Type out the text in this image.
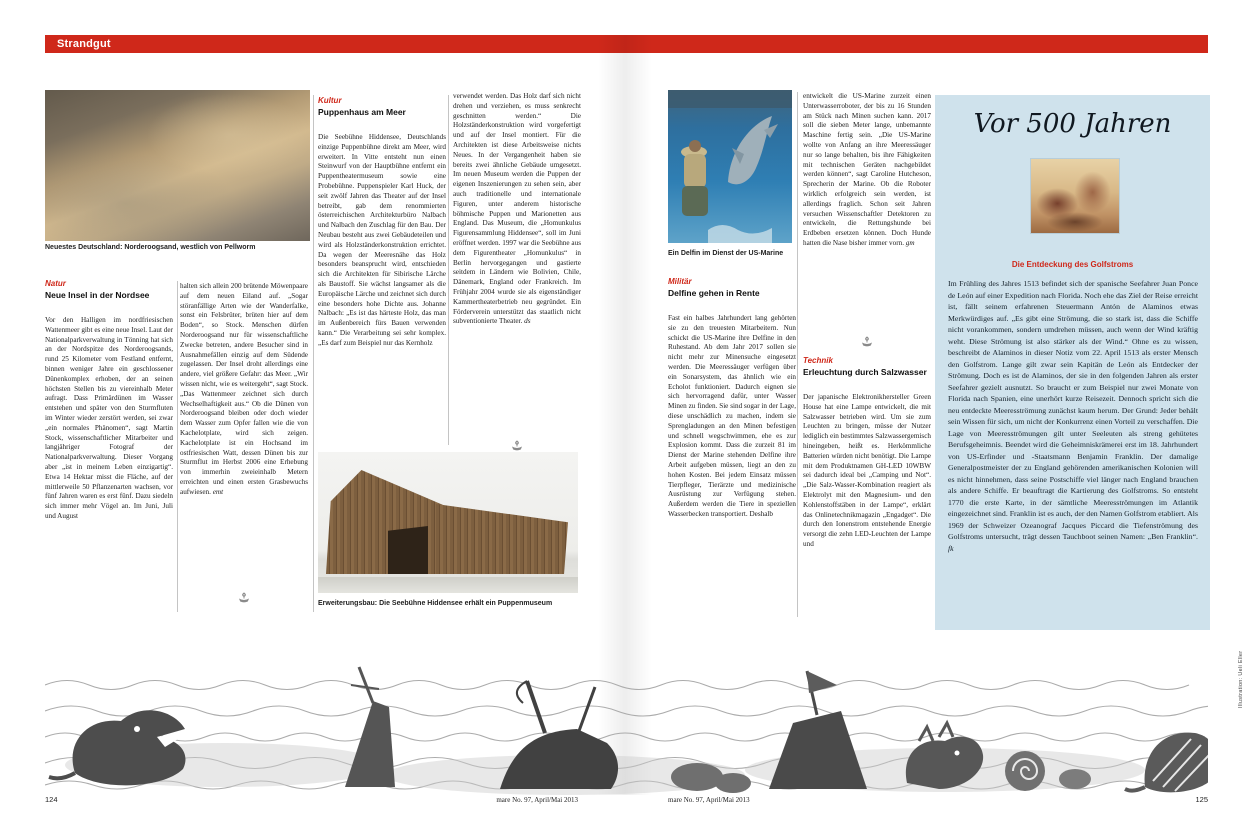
Strandgut
Neuestes Deutschland: Norderoogsand, westlich von Pellworm
Natur
Neue Insel in der Nordsee
Vor den Halligen im nordfriesischen Wattenmeer gibt es eine neue Insel. Laut der Nationalparkverwaltung in Tönning hat sich an der Nordspitze des Norderoogsands, rund 25 Kilometer vom Festland entfernt, binnen weniger Jahre ein geschlossener Dünenkomplex erhoben, der an seinen höchsten Stellen bis zu viereinhalb Meter aufragt. Dass Primärdünen im Wasser entstehen und später von den Sturmfluten im Winter wieder zerstört werden, sei zwar „ein normales Phänomen“, sagt Martin Stock, wissenschaftlicher Mitarbeiter und langjähriger Fotograf der Nationalparkverwaltung. Dieser Vorgang aber „ist in meinem Leben einzigartig“. Etwa 14 Hektar misst die Fläche, auf der mittlerweile 50 Pflanzenarten wachsen, vor fünf Jahren waren es erst fünf. Dazu siedeln sich immer mehr Vögel an. Im Juni, Juli und August

halten sich allein 200 brütende Möwenpaare auf dem neuen Eiland auf. „Sogar störanfällige Arten wie der Wanderfalke, sonst ein Felsbrüter, brüten hier auf dem Boden“, so Stock. Menschen dürfen Norderoogsand nur für wissenschaftliche Zwecke betreten, andere Besucher sind in Ausnahmefällen einzig auf dem Südende zugelassen. Der Insel droht allerdings eine andere, viel größere Gefahr: das Meer. „Wir wissen nicht, wie es weitergeht“, sagt Stock. „Das Wattenmeer zeichnet sich durch Wechselhaftigkeit aus.“ Ob die Dünen von Norderoogsand bleiben oder doch wieder dem Wasser zum Opfer fallen wie die von Kachelotplate, wird sich zeigen. Kachelotplate ist ein Hochsand im ostfriesischen Watt, dessen Dünen bis zur Sturmflut im Herbst 2006 eine Erhebung von immerhin zweieinhalb Metern erreichten und einen ersten Grasbewuchs aufwiesen. emt

Kultur
Puppenhaus am Meer
Die Seebühne Hiddensee, Deutschlands einzige Puppenbühne direkt am Meer, wird erweitert. In Vitte entsteht nun einen Steinwurf von der Hauptbühne entfernt ein Puppentheatermuseum sowie eine Probebühne. Puppenspieler Karl Huck, der seit zwölf Jahren das Theater auf der Insel betreibt, gab dem renommierten österreichischen Architekturbüro Nalbach und Nalbach den Zuschlag für den Bau. Der Neubau besteht aus zwei Gebäudeteilen und wird als Holzständerkonstruktion errichtet. Da wegen der Meeresnähe das Holz besonders beansprucht wird, entschieden sich die Architekten für Sibirische Lärche als Baustoff. Sie wächst langsamer als die Europäische Lärche und zeichnet sich durch eine besonders hohe Dichte aus. Johanne Nalbach: „Es ist das härteste Holz, das man im Außenbereich fürs Bauen verwenden kann.“ Die Verarbeitung sei sehr komplex. „Es darf zum Beispiel nur das Kernholz

verwendet werden. Das Holz darf sich nicht drehen und verziehen, es muss senkrecht geschnitten werden.“ Die Holzständerkonstruktion wird vorgefertigt und auf der Insel montiert. Für die Architekten ist diese Arbeitsweise nichts Neues. In der Vergangenheit haben sie bereits zwei ähnliche Gebäude umgesetzt. Im neuen Museum werden die Puppen der eigenen Inszenierungen zu sehen sein, aber auch traditionelle und internationale Figuren, unter anderem historische böhmische Puppen und Marionetten aus England. Das Museum, die „Homunkulus Figurensammlung Hiddensee“, soll im Juni eröffnet werden. 1997 war die Seebühne aus dem Figurentheater „Homunkulus“ in Berlin hervorgegangen und gastierte seitdem in Ländern wie Bolivien, Chile, Dänemark, England oder Frankreich. Im Frühjahr 2004 wurde sie als eigenständiger Kammertheaterbetrieb neu gegründet. Ein Förderverein unterstützt das staatlich nicht subventionierte Theater. ds

Erweiterungsbau: Die Seebühne Hiddensee erhält ein Puppenmuseum
Ein Delfin im Dienst der US-Marine
Militär
Delfine gehen in Rente
Fast ein halbes Jahrhundert lang gehörten sie zu den treuesten Mitarbeitern. Nun schickt die US-Marine ihre Delfine in den Ruhestand. Ab dem Jahr 2017 sollen sie nicht mehr zur Minensuche eingesetzt werden. Die Meeressäuger verfügen über ein Sonarsystem, das ähnlich wie ein Echolot funktioniert. Dadurch eignen sie sich hervorragend dafür, unter Wasser Minen zu finden. Sie sind sogar in der Lage, diese unschädlich zu machen, indem sie Sprengladungen an den Minen befestigen und schnell wegschwimmen, ehe es zur Explosion kommt. Dass die zurzeit 81 im Dienst der Marine stehenden Delfine ihre Arbeit aufgeben müssen, liegt an den zu hohen Kosten. Bei jedem Einsatz müssen Tierpfleger, Tierärzte und medizinische Ausrüstung zur Verfügung stehen. Außerdem werden die Tiere in speziellen Wasserbecken transportiert. Deshalb

entwickelt die US-Marine zurzeit einen Unterwasserroboter, der bis zu 16 Stunden am Stück nach Minen suchen kann. 2017 soll die sieben Meter lange, unbemannte Maschine fertig sein. „Die US-Marine wollte von Anfang an ihre Meeressäuger nur so lange behalten, bis ihre Fähigkeiten mit technischen Geräten nachgebildet werden können“, sagt Caroline Hutcheson, Sprecherin der Marine. Ob die Roboter wirklich erfolgreich sein werden, ist allerdings fraglich. Schon seit Jahren versuchen Wissenschaftler Detektoren zu entwickeln, die Rettungshunde bei Erdbeben ersetzen können. Doch Hunde hatten die Nase bisher immer vorn. gm

Technik
Erleuchtung durch Salzwasser
Der japanische Elektronikhersteller Green House hat eine Lampe entwickelt, die mit Salzwasser betrieben wird. Um sie zum Leuchten zu bringen, müsse der Nutzer lediglich ein bestimmtes Salzwassergemisch hineingeben, heißt es. Herkömmliche Batterien würden nicht benötigt. Die Lampe mit dem Produktnamen GH-LED 10WBW sei dadurch ideal bei „Camping und Not“. „Die Salz-Wasser-Kombination reagiert als Elektrolyt mit den Magnesium- und den Kohlenstoffstäben in der Lampe“, erklärt das Onlinetechnikmagazin „Engadget“. Die durch den Ionenstrom entstehende Energie versorgt die zehn LED-Leuchten der Lampe und
Vor 500 Jahren
Die Entdeckung des Golfstroms

Im Frühling des Jahres 1513 befindet sich der spanische Seefahrer Juan Ponce de León auf einer Expedition nach Florida. Noch ehe das Ziel der Reise erreicht ist, fällt seinem erfahrenen Steuermann Antón de Alaminos etwas Merkwürdiges auf. „Es gibt eine Strömung, die so stark ist, dass die Schiffe nicht vorankommen, sondern umdrehen müssen, auch wenn der Wind kräftig weht. Diese Strömung ist also stärker als der Wind.“ Ohne es zu wissen, beschreibt de Alaminos in dieser Notiz vom 22. April 1513 als erster Mensch den Golfstrom. Lange gilt zwar sein Kapitän de León als Entdecker der Strömung. Doch es ist de Alaminos, der sie in den folgenden Jahren als erster Seefahrer gezielt ausnutzt. So braucht er zum Beispiel nur zwei Monate von Florida nach Spanien, eine unerhört kurze Reisezeit. Dennoch spricht sich die neu entdeckte Meeresströmung zunächst kaum herum. Der Grund: Jeder behält sein Wissen für sich, um nicht der Konkurrenz einen Vorteil zu verschaffen. Die Lage von Meeresströmungen gilt unter Seeleuten als streng gehütetes Berufsgeheimnis. Beendet wird die Geheimniskrämerei erst im 18. Jahrhundert von US-Erfinder und -Staatsmann Benjamin Franklin. Der damalige Generalpostmeister der zu England gehörenden amerikanischen Kolonien will es nicht hinnehmen, dass seine Postschiffe viel länger nach England brauchen als andere Schiffe. Er beauftragt die Kartierung des Golfstroms. So entsteht 1770 die erste Karte, in der sämtliche Meeresströmungen im Atlantik eingezeichnet sind. Franklin ist es auch, der den Namen Golfstrom etabliert. Als 1969 der Schweizer Ozeanograf Jacques Piccard die Tiefenströmung des Golfstroms untersucht, trägt dessen Tauchboot seinen Namen: „Ben Franklin“. fk

Illustration: Ueli Eller
124	mare No. 97, April/Mai 2013	mare No. 97, April/Mai 2013	125
